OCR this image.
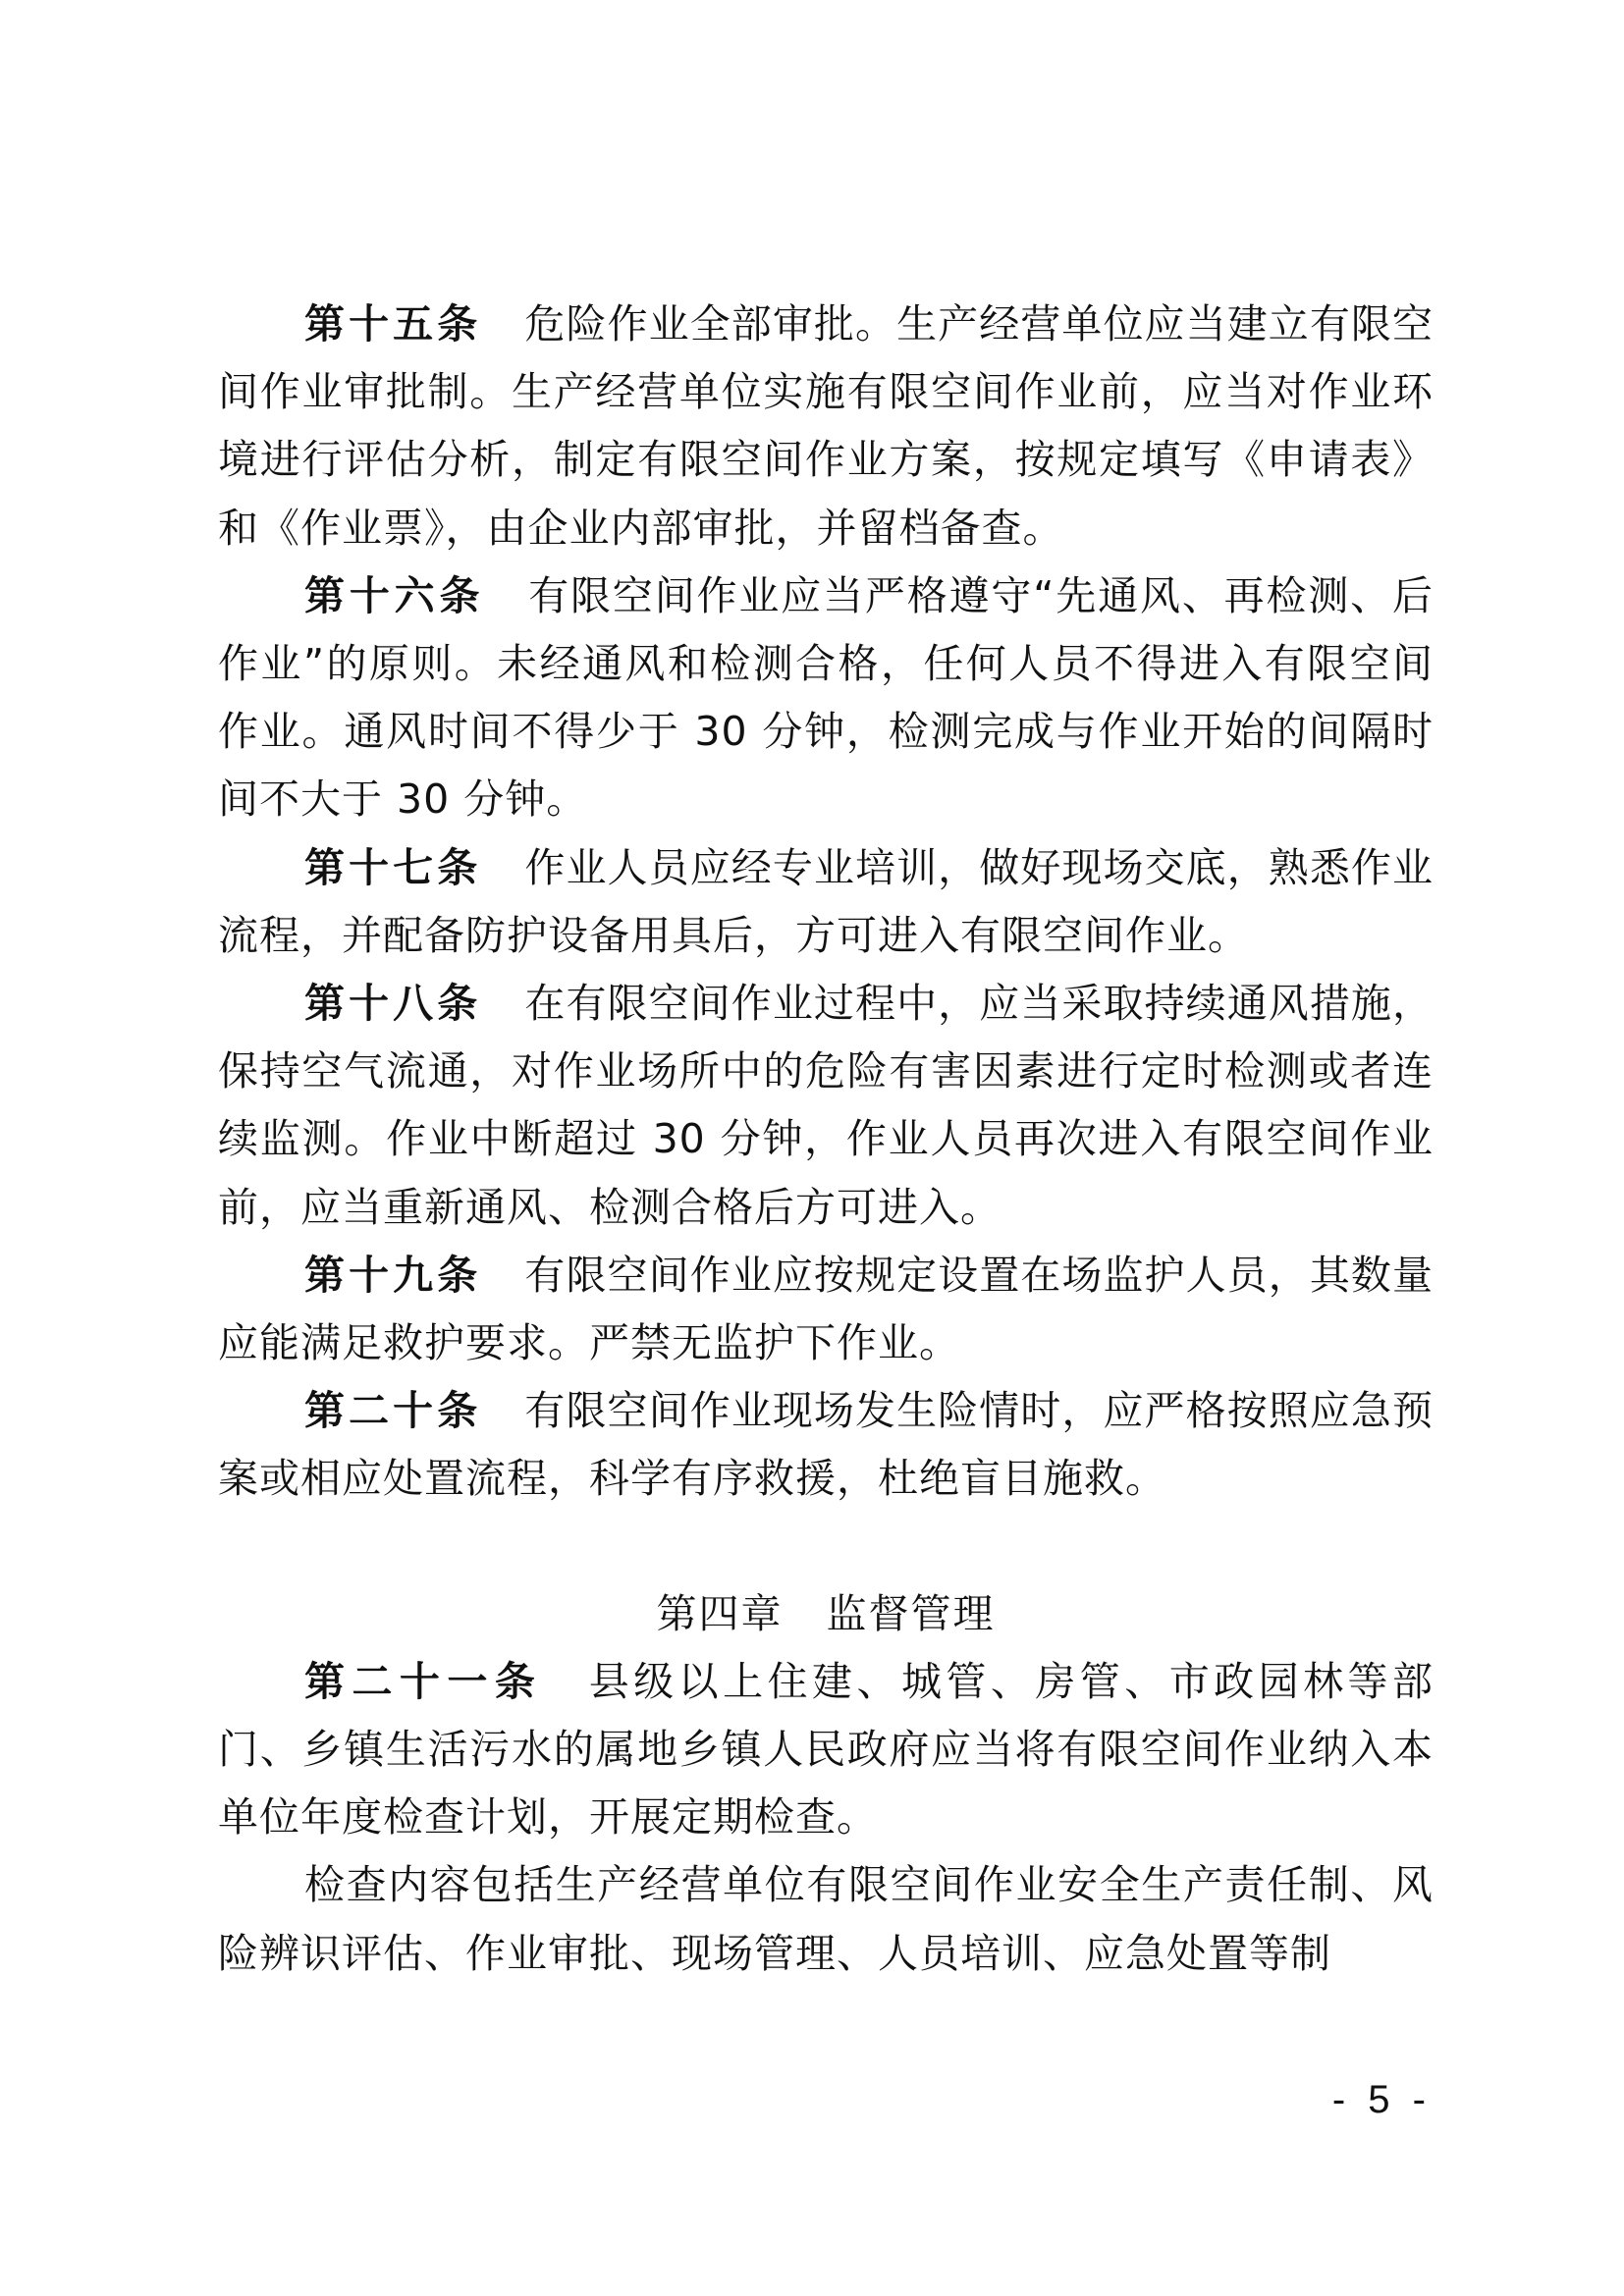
第十五条 危险作业全部审批。生产经营单位应当建立有限空间作业审批制。生产经营单位实施有限空间作业前，应当对作业环境进行评估分析，制定有限空间作业方案，按规定填写《申请表》和《作业票》，由企业内部审批，并留档备查。

第十六条 有限空间作业应当严格遵守“先通风、再检测、后作业”的原则。未经通风和检测合格，任何人员不得进入有限空间作业。通风时间不得少于 30 分钟，检测完成与作业开始的间隔时间不大于 30 分钟。

第十七条 作业人员应经专业培训，做好现场交底，熟悉作业流程，并配备防护设备用具后，方可进入有限空间作业。

第十八条 在有限空间作业过程中，应当采取持续通风措施，保持空气流通，对作业场所中的危险有害因素进行定时检测或者连续监测。作业中断超过 30 分钟，作业人员再次进入有限空间作业前，应当重新通风、检测合格后方可进入。

第十九条 有限空间作业应按规定设置在场监护人员，其数量应能满足救护要求。严禁无监护下作业。

第二十条 有限空间作业现场发生险情时，应严格按照应急预案或相应处置流程，科学有序救援，杜绝盲目施救。

第四章 监督管理

第二十一条 县级以上住建、城管、房管、市政园林等部门、乡镇生活污水的属地乡镇人民政府应当将有限空间作业纳入本单位年度检查计划，开展定期检查。

检查内容包括生产经营单位有限空间作业安全生产责任制、风险辨识评估、作业审批、现场管理、人员培训、应急处置等制

- 5 -
